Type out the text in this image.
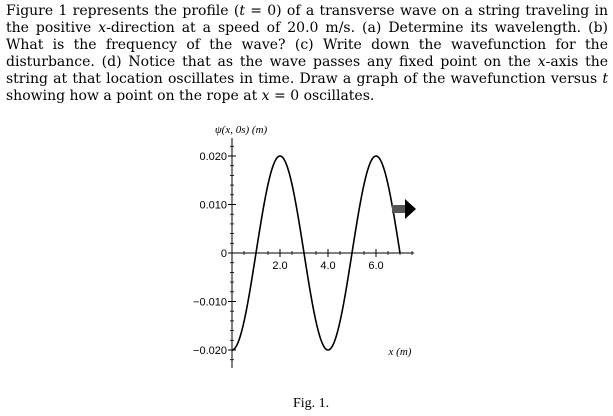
Figure 1 represents the profile (t = 0) of a transverse wave on a string traveling in the positive x-direction at a speed of 20.0 m/s. (a) Determine its wavelength. (b) What is the frequency of the wave? (c) Write down the wavefunction for the disturbance. (d) Notice that as the wave passes any fixed point on the x-axis the string at that location oscillates in time. Draw a graph of the wavefunction versus t showing how a point on the rope at x = 0 oscillates.

0.020
0.010
0
−0.010
−0.020
2.0	4.0	6.0
ψ(x, 0s) (m)
x (m)
Fig. 1.
